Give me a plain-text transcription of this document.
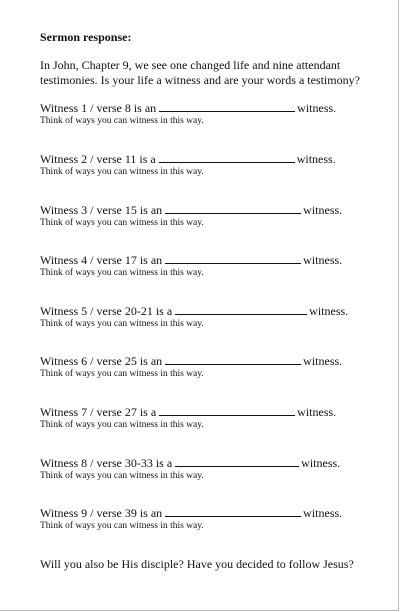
Sermon response:
In John, Chapter 9, we see one changed life and nine attendant testimonies. Is your life a witness and are your words a testimony?
Witness 1 / verse 8 is an	witness.
Think of ways you can witness in this way.
Witness 2 / verse 11 is a	witness.
Think of ways you can witness in this way.
Witness 3 / verse 15 is an	witness.
Think of ways you can witness in this way.
Witness 4 / verse 17 is an	witness.
Think of ways you can witness in this way.
Witness 5 / verse 20-21 is a	witness.
Think of ways you can witness in this way.
Witness 6 / verse 25 is an	witness.
Think of ways you can witness in this way.
Witness 7 / verse 27 is a	witness.
Think of ways you can witness in this way.
Witness 8 / verse 30-33 is a	witness.
Think of ways you can witness in this way.
Witness 9 / verse 39 is an	witness.
Think of ways you can witness in this way.
Will you also be His disciple? Have you decided to follow Jesus?
